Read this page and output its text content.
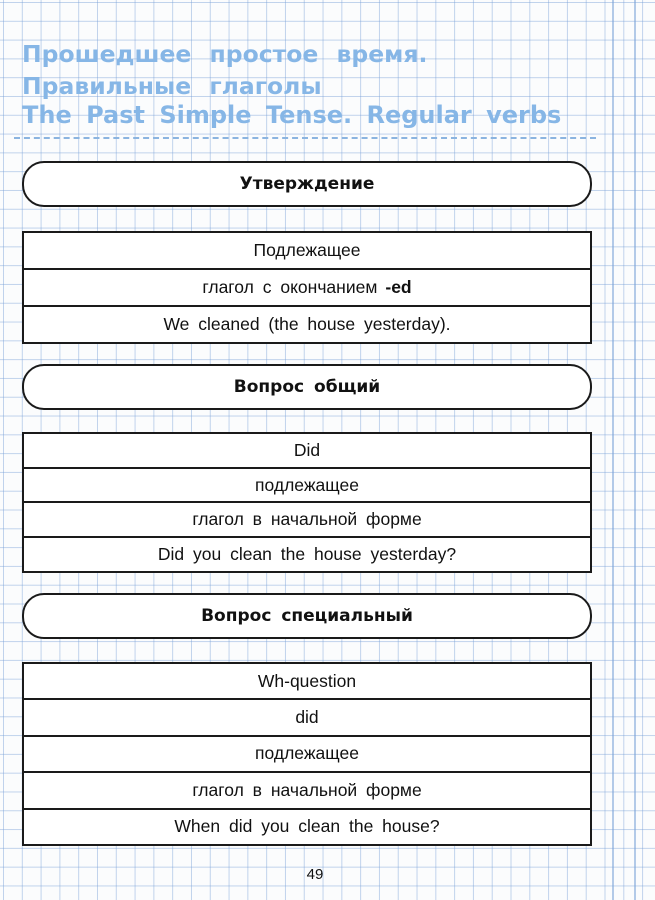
Прошедшее простое время.
Правильные глаголы
The Past Simple Tense. Regular verbs
Утверждение
Подлежащее
глагол с окончанием -ed
We cleaned (the house yesterday).
Вопрос общий
Did
подлежащее
глагол в начальной форме
Did you clean the house yesterday?
Вопрос специальный
Wh-question
did
подлежащее
глагол в начальной форме
When did you clean the house?
49
